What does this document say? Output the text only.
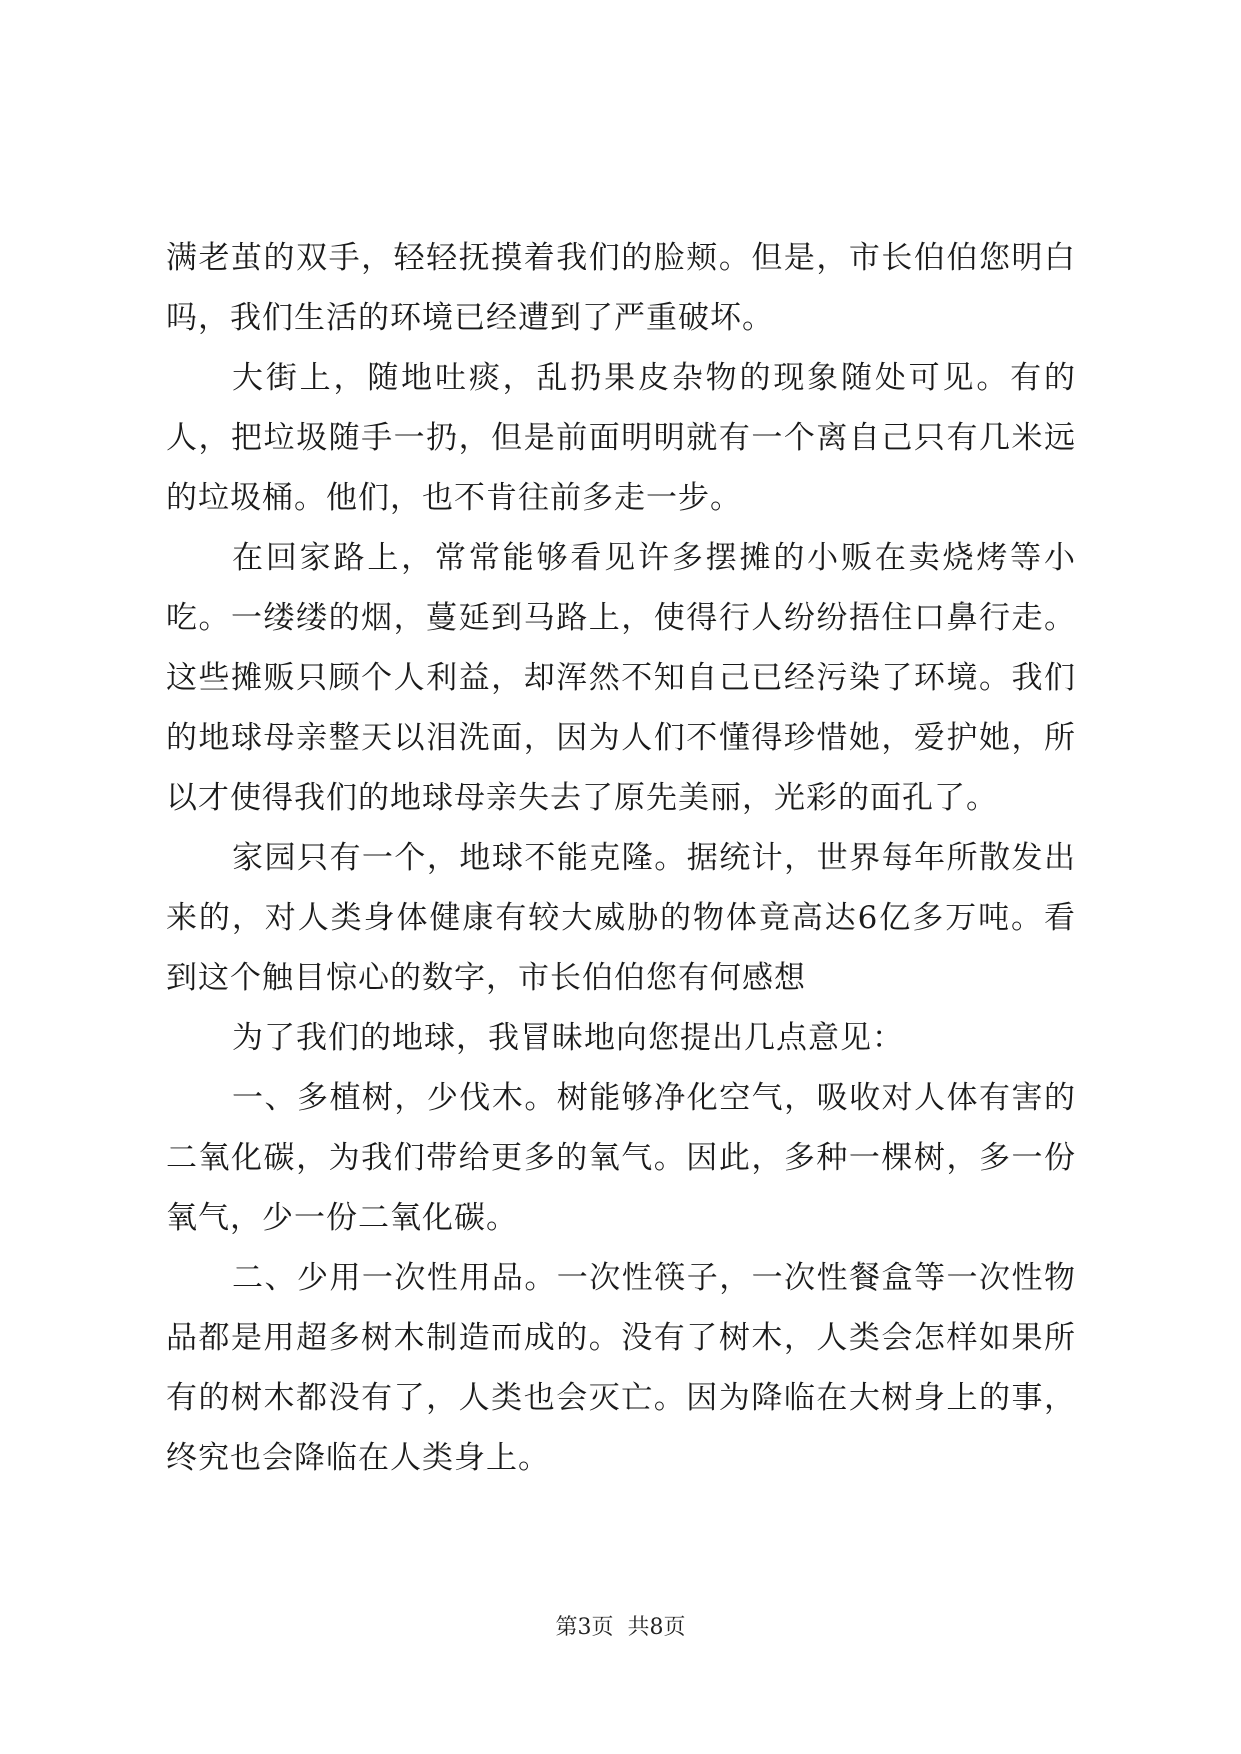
满老茧的双手，轻轻抚摸着我们的脸颊。但是，市长伯伯您明白吗，我们生活的环境已经遭到了严重破坏。

大街上，随地吐痰，乱扔果皮杂物的现象随处可见。有的人，把垃圾随手一扔，但是前面明明就有一个离自己只有几米远的垃圾桶。他们，也不肯往前多走一步。

在回家路上，常常能够看见许多摆摊的小贩在卖烧烤等小吃。一缕缕的烟，蔓延到马路上，使得行人纷纷捂住口鼻行走。这些摊贩只顾个人利益，却浑然不知自己已经污染了环境。我们的地球母亲整天以泪洗面，因为人们不懂得珍惜她，爱护她，所以才使得我们的地球母亲失去了原先美丽，光彩的面孔了。

家园只有一个，地球不能克隆。据统计，世界每年所散发出来的，对人类身体健康有较大威胁的物体竟高达6亿多万吨。看到这个触目惊心的数字，市长伯伯您有何感想

为了我们的地球，我冒昧地向您提出几点意见：

一、多植树，少伐木。树能够净化空气，吸收对人体有害的二氧化碳，为我们带给更多的氧气。因此，多种一棵树，多一份氧气，少一份二氧化碳。

二、少用一次性用品。一次性筷子，一次性餐盒等一次性物品都是用超多树木制造而成的。没有了树木，人类会怎样如果所有的树木都没有了，人类也会灭亡。因为降临在大树身上的事，终究也会降临在人类身上。

第3页  共8页
